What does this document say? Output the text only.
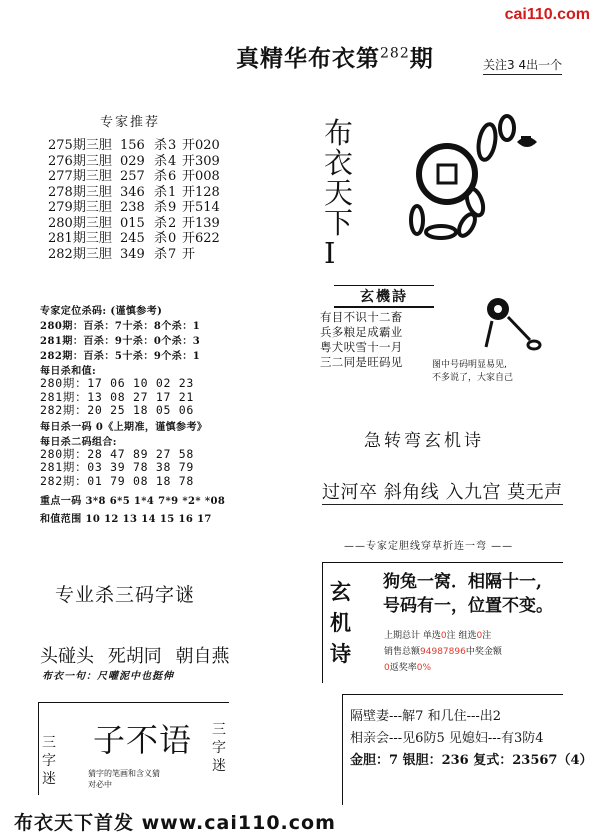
cai110.com
真精华布衣第$^{282}$期	关注3 4出一个
专家推荐
275期三胆 156 杀3 开020
276期三胆 029 杀4 开309
277期三胆 257 杀6 开008
278期三胆 346 杀1 开128
279期三胆 238 杀9 开514
280期三胆 015 杀2 开139
281期三胆 245 杀0 开622
282期三胆 349 杀7 开
布
衣
天
下
I
玄機詩
有目不识十二畜
兵多粮足成霸业
粤犬吠雪十一月
三二同是旺码见	图中号码明显易见,
不多说了，大家自己
专家定位杀码: (谨慎参考)
280期：百杀：7十杀：8个杀：1
281期：百杀：9十杀：0个杀：3
282期：百杀：5十杀：9个杀：1
每日杀和值:
280期：17 06 10 02 23
281期：13 08 27 17 21
282期：20 25 18 05 06
每日杀一码 0《上期准，谨慎参考》
每日杀二码组合:
280期：28 47 89 27 58
281期：03 39 78 38 79
282期：01 79 08 18 78
重点一码 3*8 6*5 1*4 7*9 *2* *08
和值范围 10 12 13 14 15 16 17
急转弯玄机诗
过河卒 斜角线 入九宫 莫无声
——专家定胆线穿草折连一弯 ——
玄
机
诗
狗兔一窝．相隔十一,
号码有一，位置不变。
上期总计 单选0注 组选0注
销售总额94987896中奖金额
0返奖率0%
隔壁妻---解7 和几住---出2
相亲会---见6防5 见媳妇---有3防4
金胆：7 银胆：236 复式：23567（4）
专业杀三码字谜
头碰头 死胡同 朝自燕
布衣一句：尺嚾泥中也挺伸
三
字
迷
三
字
迷
子不语
猜字的笔画和含义猜
对必中
布衣天下首发 www.cai110.com
